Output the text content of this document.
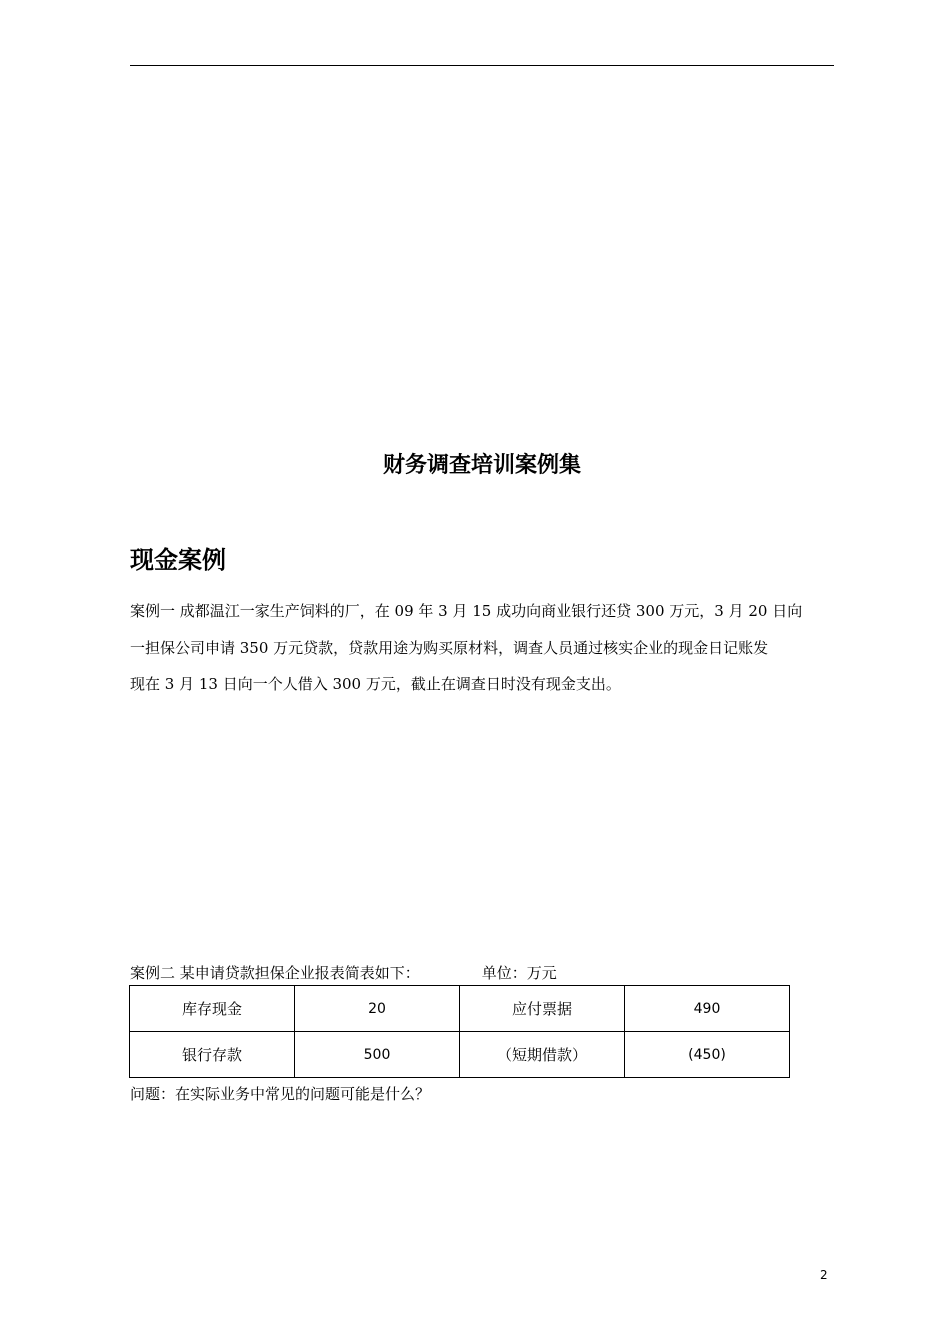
财务调查培训案例集
现金案例
案例一 成都温江一家生产饲料的厂，在 09 年 3 月 15 成功向商业银行还贷 300 万元，3 月 20 日向
一担保公司申请 350 万元贷款，贷款用途为购买原材料，调查人员通过核实企业的现金日记账发
现在 3 月 13 日向一个人借入 300 万元，截止在调查日时没有现金支出。
案例二 某申请贷款担保企业报表简表如下：	单位：万元
库存现金	20	应付票据	490
银行存款	500	（短期借款）	(450)
问题：在实际业务中常见的问题可能是什么？
2
